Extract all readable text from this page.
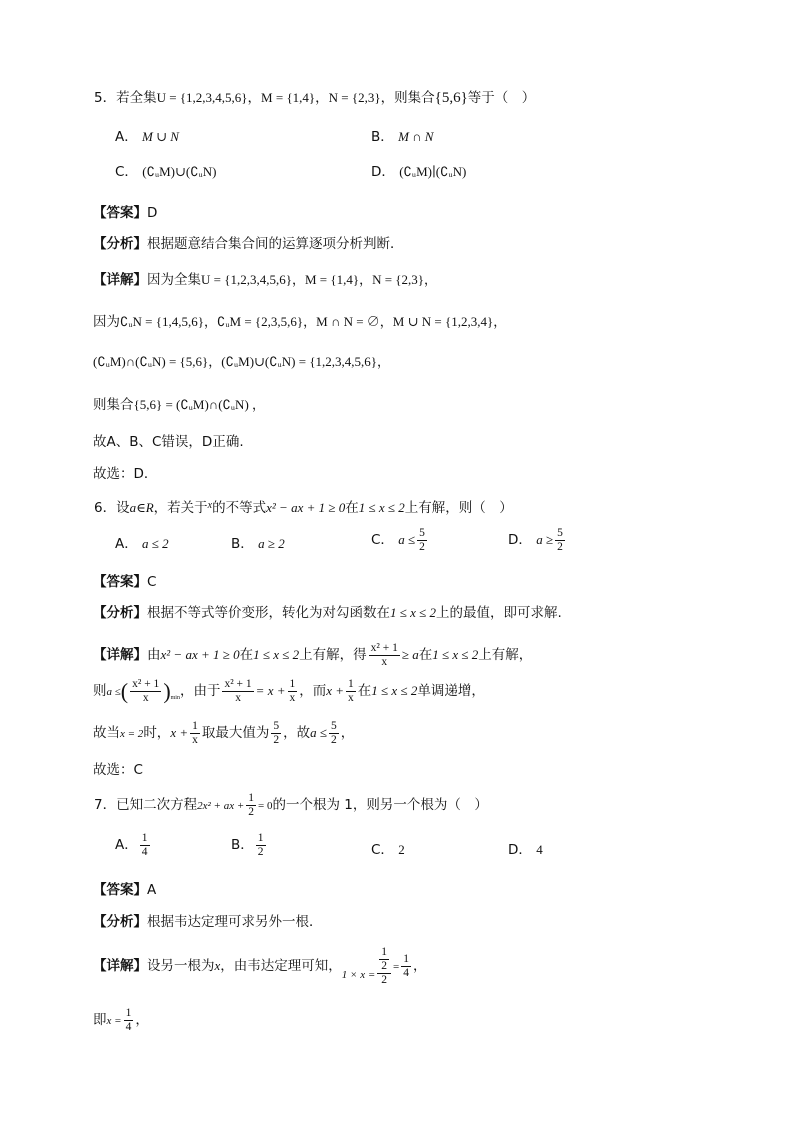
5．若全集U = {1,2,3,4,5,6}，M = {1,4}，N = {2,3}，则集合{5,6}等于（　）
A． M ∪ N	B． M ∩ N
C． (∁ᵤM)∪(∁ᵤN)	D． (∁ᵤM)∣(∁ᵤN)
【答案】D
【分析】根据题意结合集合间的运算逐项分析判断．
【详解】因为全集U = {1,2,3,4,5,6}，M = {1,4}，N = {2,3}，
因为∁ᵤN = {1,4,5,6}，∁ᵤM = {2,3,5,6}，M ∩ N = ∅，M ∪ N = {1,2,3,4}，
(∁ᵤM)∩(∁ᵤN) = {5,6}，(∁ᵤM)∪(∁ᵤN) = {1,2,3,4,5,6}，
则集合{5,6} = (∁ᵤM)∩(∁ᵤN) ，
故A、B、C错误，D正确.
故选：D．
6．设a∈R，若关于$^x$的不等式x² − ax + 1 ≥ 0在1 ≤ x ≤ 2上有解，则（　）
A． a ≤ 2	B． a ≥ 2	C． $a \le \frac{5}{2}$	D． $a \ge \frac{5}{2}$
【答案】C
【分析】根据不等式等价变形，转化为对勾函数在1 ≤ x ≤ 2上的最值，即可求解.
【详解】由x² − ax + 1 ≥ 0在1 ≤ x ≤ 2上有解，得 $\frac{\text{x² + 1}}{x} \ge a$在1 ≤ x ≤ 2上有解，
则a ≤( $\frac{\text{x² + 1}}{x} )_{min}$，由于 $\frac{\text{x² + 1}}{x} = x + \frac{1}{x}$ ，而$x + \frac{1}{x}$ 在1 ≤ x ≤ 2单调递增，
故当x = 2时，$x + \frac{1}{x}$ 取最大值为 $\frac{5}{2}$ ，故$a \le \frac{5}{2}$ ，
故选：C
7．已知二次方程2x² + ax + $\frac{1}{2} = 0$的一个根为 1，则另一个根为（　）
A． $\frac{1}{4}$	B． $\frac{1}{2}$	C． 2	D． 4
【答案】A
【分析】根据韦达定理可求另外一根．
【详解】设另一根为x，由韦达定理可知，$_{1 \times x =} \frac{\frac{1}{2}}{2} = \frac{1}{4}$ ，
即$x = \frac{1}{4}$ ，
